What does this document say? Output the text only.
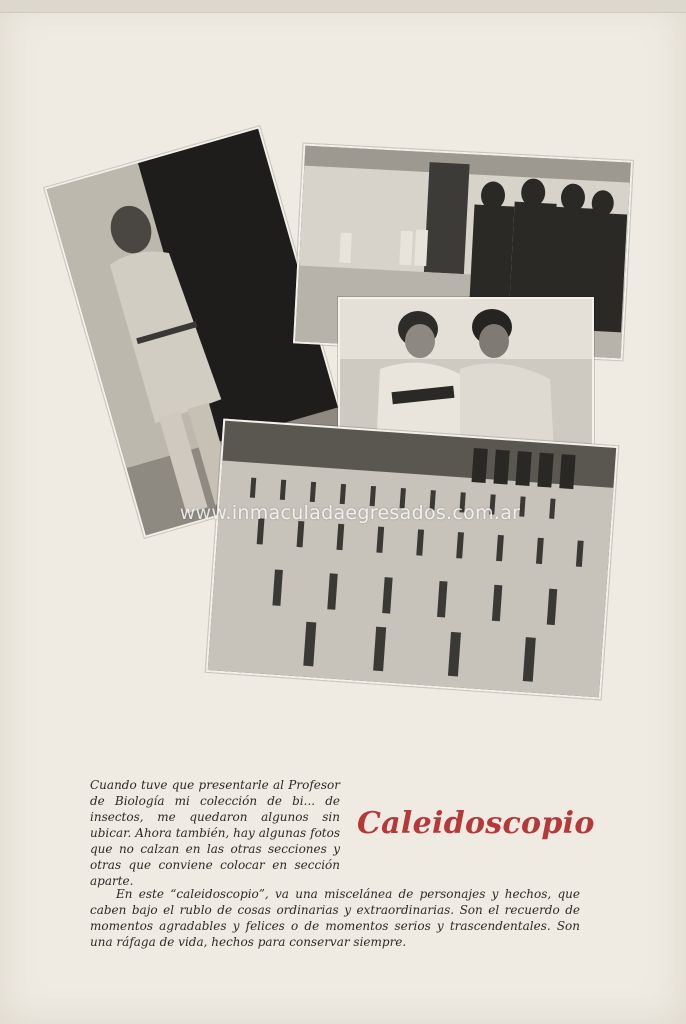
www.inmaculadaegresados.com.ar
Cuando tuve que presentarle al Profesor de Biología mi colección de bi... de insectos, me quedaron algunos sin ubicar. Ahora también, hay algunas fotos que no calzan en las otras secciones y otras que conviene colocar en sección aparte.
Caleidoscopio
En este “caleidoscopio”, va una miscelánea de personajes y hechos, que caben bajo el rublo de cosas ordinarias y extraordinarias. Son el recuerdo de momentos agradables y felices o de momentos serios y trascendentales. Son una ráfaga de vida, hechos para conservar siempre.
